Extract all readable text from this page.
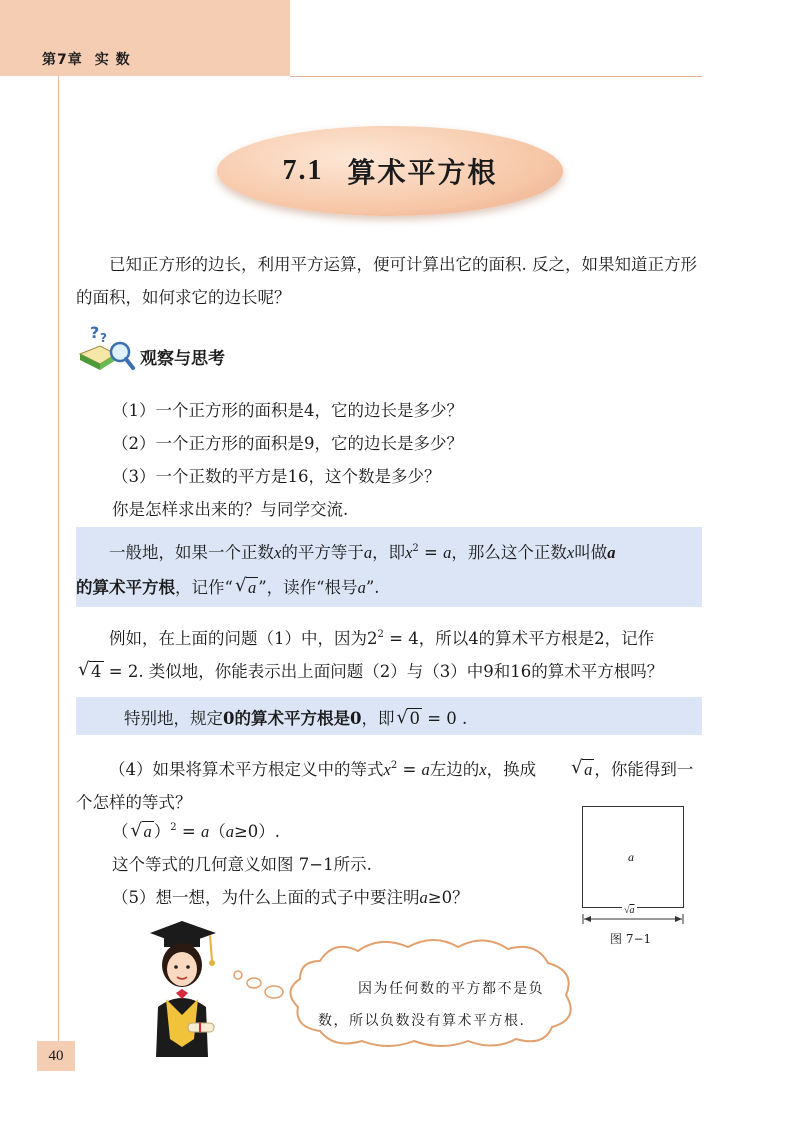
第7章 实 数
7.1 算术平方根

已知正方形的边长，利用平方运算，便可计算出它的面积. 反之，如果知道正方形的面积，如何求它的边长呢？

? ?
观察与思考
（1）一个正方形的面积是4，它的边长是多少？
（2）一个正方形的面积是9，它的边长是多少？
（3）一个正数的平方是16，这个数是多少？
你是怎样求出来的？与同学交流.

一般地，如果一个正数x的平方等于a，即$x^2 = a$，那么这个正数x叫做a

的算术平方根，记作“ √ a ”，读作“根号a”.

例如，在上面的问题（1）中，因为$2^2 = 4$，所以4的算术平方根是2，记作

√ 4 = 2. 类似地，你能表示出上面问题（2）与（3）中9和16的算术平方根吗？

特别地，规定0的算术平方根是0，即 √ 0 = 0 .

（4）如果将算术平方根定义中的等式$x^2 = a$左边的x，换成	√ a ，你能得到一个怎样的等式？

（ √ a ）$^2$ = a（a≥0）.
这个等式的几何意义如图 7−1所示.
（5）想一想，为什么上面的式子中要注明a≥0？
a
√a
图 7−1

因为任何数的平方都不是负

数，所以负数没有算术平方根.

40
